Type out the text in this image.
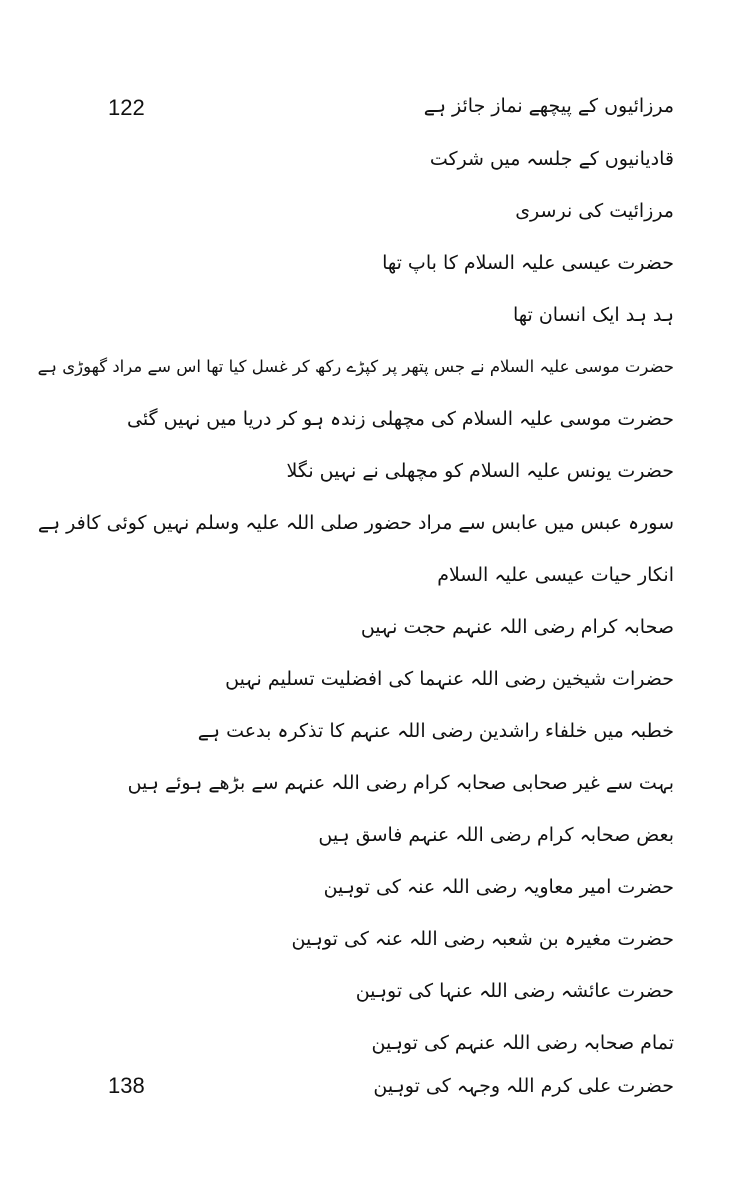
122
138
مرزائیوں کے پیچھے نماز جائز ہے
قادیانیوں کے جلسہ میں شرکت
مرزائیت کی نرسری
حضرت عیسی علیہ السلام کا باپ تھا
ہد ہد ایک انسان تھا
حضرت موسی علیہ السلام نے جس پتھر پر کپڑے رکھ کر غسل کیا تھا اس سے مراد گھوڑی ہے
حضرت موسی علیہ السلام کی مچھلی زندہ ہو کر دریا میں نہیں گئی
حضرت یونس علیہ السلام کو مچھلی نے نہیں نگلا
سورہ عبس میں عابس سے مراد حضور صلی اللہ علیہ وسلم نہیں کوئی کافر ہے
انکار حیات عیسی علیہ السلام
صحابہ کرام رضی اللہ عنہم حجت نہیں
حضرات شیخین رضی اللہ عنہما کی افضلیت تسلیم نہیں
خطبہ میں خلفاء راشدین رضی اللہ عنہم کا تذکرہ بدعت ہے
بہت سے غیر صحابی صحابہ کرام رضی اللہ عنہم سے بڑھے ہوئے ہیں
بعض صحابہ کرام رضی اللہ عنہم فاسق ہیں
حضرت امیر معاویہ رضی اللہ عنہ کی توہین
حضرت مغیرہ بن شعبہ رضی اللہ عنہ کی توہین
حضرت عائشہ رضی اللہ عنہا کی توہین
تمام صحابہ رضی اللہ عنہم کی توہین
حضرت علی کرم اللہ وجہہ کی توہین
